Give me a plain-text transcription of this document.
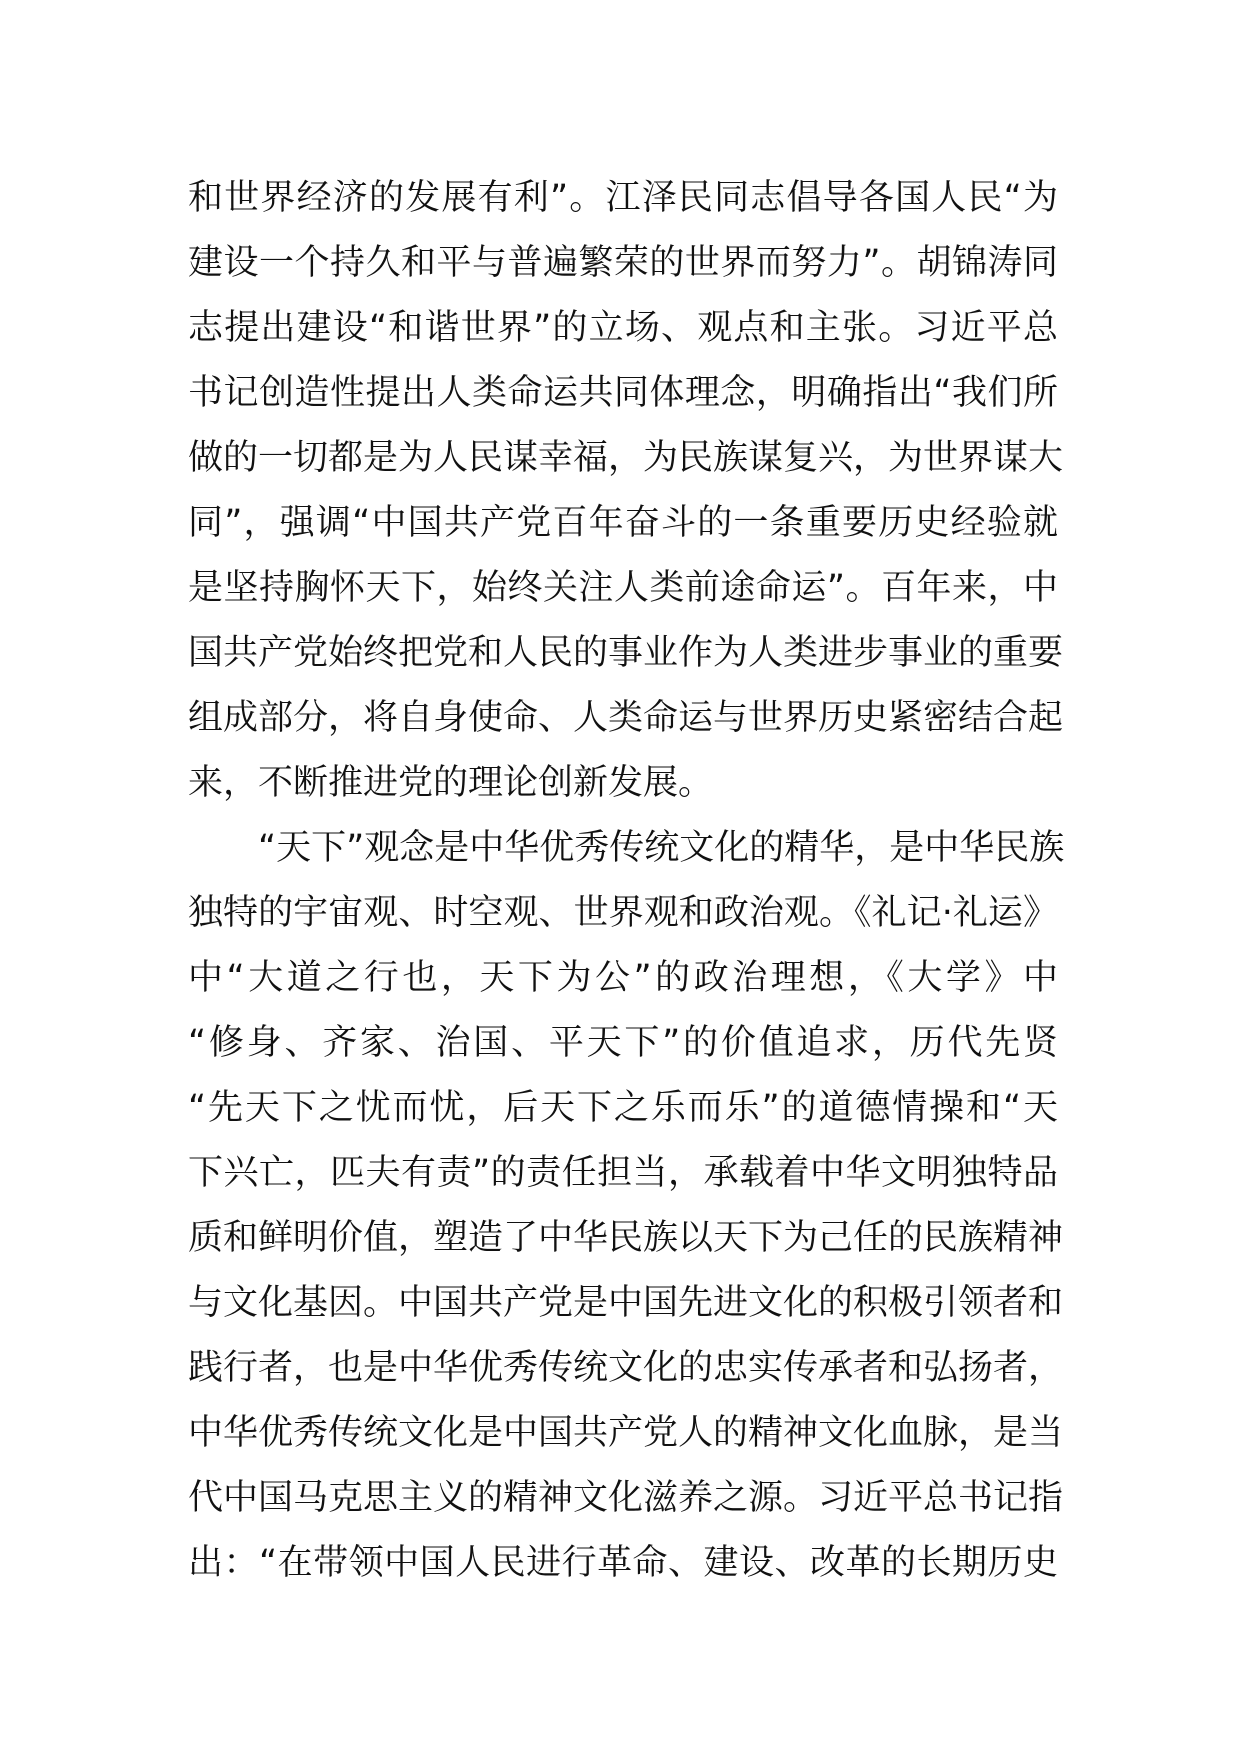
和世界经济的发展有利”。江泽民同志倡导各国人民“为
建设一个持久和平与普遍繁荣的世界而努力”。胡锦涛同
志提出建设“和谐世界”的立场、观点和主张。习近平总
书记创造性提出人类命运共同体理念，明确指出“我们所
做的一切都是为人民谋幸福，为民族谋复兴，为世界谋大
同”，强调“中国共产党百年奋斗的一条重要历史经验就
是坚持胸怀天下，始终关注人类前途命运”。百年来，中
国共产党始终把党和人民的事业作为人类进步事业的重要
组成部分，将自身使命、人类命运与世界历史紧密结合起
来，不断推进党的理论创新发展。
“天下”观念是中华优秀传统文化的精华，是中华民族
独特的宇宙观、时空观、世界观和政治观。《礼记·礼运》
中“大道之行也，天下为公”的政治理想，《大学》中
“修身、齐家、治国、平天下”的价值追求，历代先贤
“先天下之忧而忧，后天下之乐而乐”的道德情操和“天
下兴亡，匹夫有责”的责任担当，承载着中华文明独特品
质和鲜明价值，塑造了中华民族以天下为己任的民族精神
与文化基因。中国共产党是中国先进文化的积极引领者和
践行者，也是中华优秀传统文化的忠实传承者和弘扬者，
中华优秀传统文化是中国共产党人的精神文化血脉，是当
代中国马克思主义的精神文化滋养之源。习近平总书记指
出：“在带领中国人民进行革命、建设、改革的长期历史
